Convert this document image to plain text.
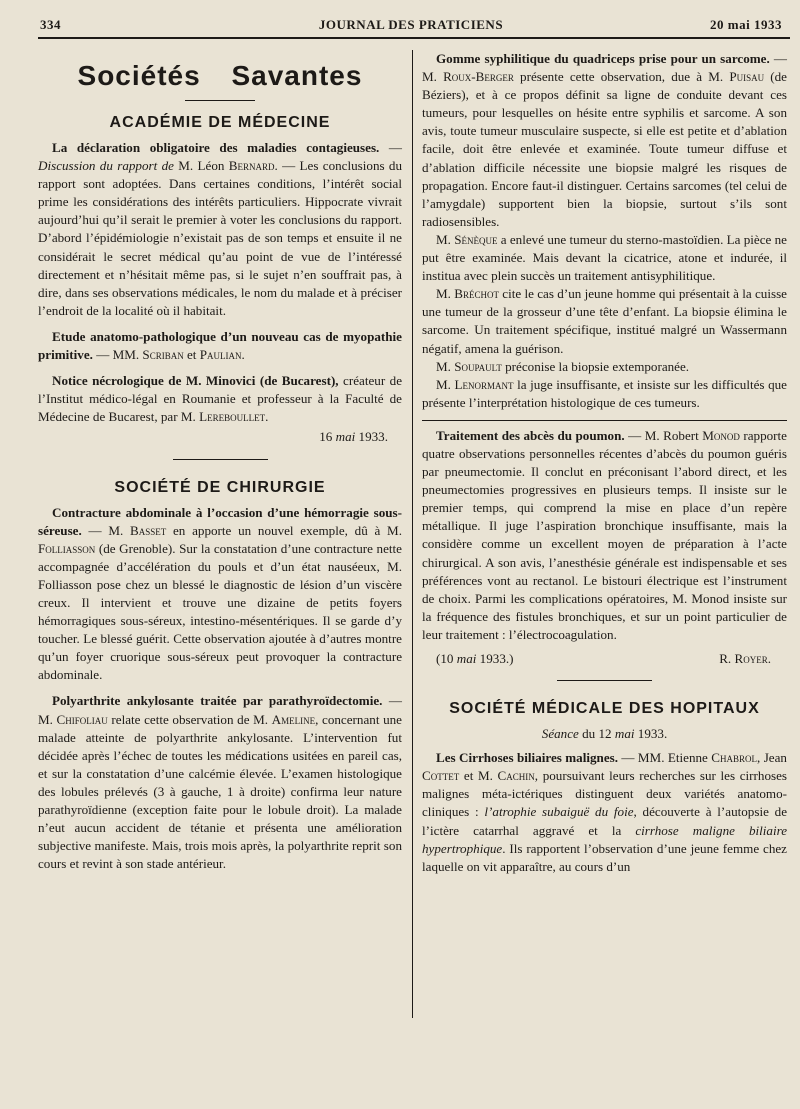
334	JOURNAL DES PRATICIENS	20 mai 1933
Sociétés Savantes
ACADÉMIE DE MÉDECINE

La déclaration obligatoire des maladies contagieuses. — Discussion du rapport de M. Léon Bernard. — Les conclusions du rapport sont adoptées. Dans certaines conditions, l’intérêt social prime les considérations des intérêts particuliers. Hippocrate vivrait aujourd’hui qu’il serait le premier à voter les conclusions du rapport. D’abord l’épidémiologie n’existait pas de son temps et ensuite il ne considérait le secret médical qu’au point de vue de l’intéressé directement et n’hésitait même pas, si le sujet n’en souffrait pas, à dire, dans ses observations médicales, le nom du malade et à préciser l’endroit de la localité où il habitait.

Etude anatomo-pathologique d’un nouveau cas de myopathie primitive. — MM. Scriban et Paulian.

Notice nécrologique de M. Minovici (de Bucarest), créateur de l’Institut médico-légal en Roumanie et professeur à la Faculté de Médecine de Bucarest, par M. Lereboullet.

16 mai 1933.

SOCIÉTÉ DE CHIRURGIE

Contracture abdominale à l’occasion d’une hémorragie sous-séreuse. — M. Basset en apporte un nouvel exemple, dû à M. Folliasson (de Grenoble). Sur la constatation d’une contracture nette accompagnée d’accélération du pouls et d’un état nauséeux, M. Folliasson pose chez un blessé le diagnostic de lésion d’un viscère creux. Il intervient et trouve une dizaine de petits foyers hémorragiques sous-séreux, intestino-mésentériques. Il se garde d’y toucher. Le blessé guérit. Cette observation ajoutée à d’autres montre qu’un foyer cruorique sous-séreux peut provoquer la contracture abdominale.

Polyarthrite ankylosante traitée par parathyroïdectomie. — M. Chifoliau relate cette observation de M. Ameline, concernant une malade atteinte de polyarthrite ankylosante. L’intervention fut décidée après l’échec de toutes les médications usitées en pareil cas, et sur la constatation d’une calcémie élevée. L’examen histologique des lobules prélevés (3 à gauche, 1 à droite) confirma leur nature parathyroïdienne (exception faite pour le lobule droit). La malade n’eut aucun accident de tétanie et présenta une amélioration subjective manifeste. Mais, trois mois après, la polyarthrite reprit son cours et revint à son stade antérieur.

Gomme syphilitique du quadriceps prise pour un sarcome. — M. Roux-Berger présente cette observation, due à M. Puisau (de Béziers), et à ce propos définit sa ligne de conduite devant ces tumeurs, pour lesquelles on hésite entre syphilis et sarcome. A son avis, toute tumeur musculaire suspecte, si elle est petite et d’ablation facile, doit être enlevée et examinée. Toute tumeur diffuse et d’ablation difficile nécessite une biopsie malgré les risques de propagation. Encore faut-il distinguer. Certains sarcomes (tel celui de l’amygdale) supportent bien la biopsie, surtout s’ils sont radiosensibles.

M. Sénèque a enlevé une tumeur du sterno-mastoïdien. La pièce ne put être examinée. Mais devant la cicatrice, atone et indurée, il institua avec plein succès un traitement antisyphilitique.

M. Bréchot cite le cas d’un jeune homme qui présentait à la cuisse une tumeur de la grosseur d’une tête d’enfant. La biopsie élimina le sarcome. Un traitement spécifique, institué malgré un Wassermann négatif, amena la guérison.

M. Soupault préconise la biopsie extemporanée.

M. Lenormant la juge insuffisante, et insiste sur les difficultés que présente l’interprétation histologique de ces tumeurs.

Traitement des abcès du poumon. — M. Robert Monod rapporte quatre observations personnelles récentes d’abcès du poumon guéris par pneumectomie. Il conclut en préconisant l’abord direct, et les pneumectomies progressives en plusieurs temps. Il insiste sur le premier temps, qui comprend la mise en place d’un repère métallique. Il juge l’aspiration bronchique insuffisante, mais la considère comme un excellent moyen de préparation à l’acte chirurgical. A son avis, l’anesthésie générale est indispensable et ses préférences vont au rectanol. Le bistouri électrique est l’instrument de choix. Parmi les complications opératoires, M. Monod insiste sur la fréquence des fistules bronchiques, et sur un point particulier de leur traitement : l’électrocoagulation.

(10 mai 1933.)	R. Royer.
SOCIÉTÉ MÉDICALE DES HOPITAUX

Séance du 12 mai 1933.

Les Cirrhoses biliaires malignes. — MM. Etienne Chabrol, Jean Cottet et M. Cachin, poursuivant leurs recherches sur les cirrhoses malignes méta-ictériques distinguent deux variétés anatomo-cliniques : l’atrophie subaiguë du foie, découverte à l’autopsie de l’ictère catarrhal aggravé et la cirrhose maligne biliaire hypertrophique. Ils rapportent l’observation d’une jeune femme chez laquelle on vit apparaître, au cours d’un
